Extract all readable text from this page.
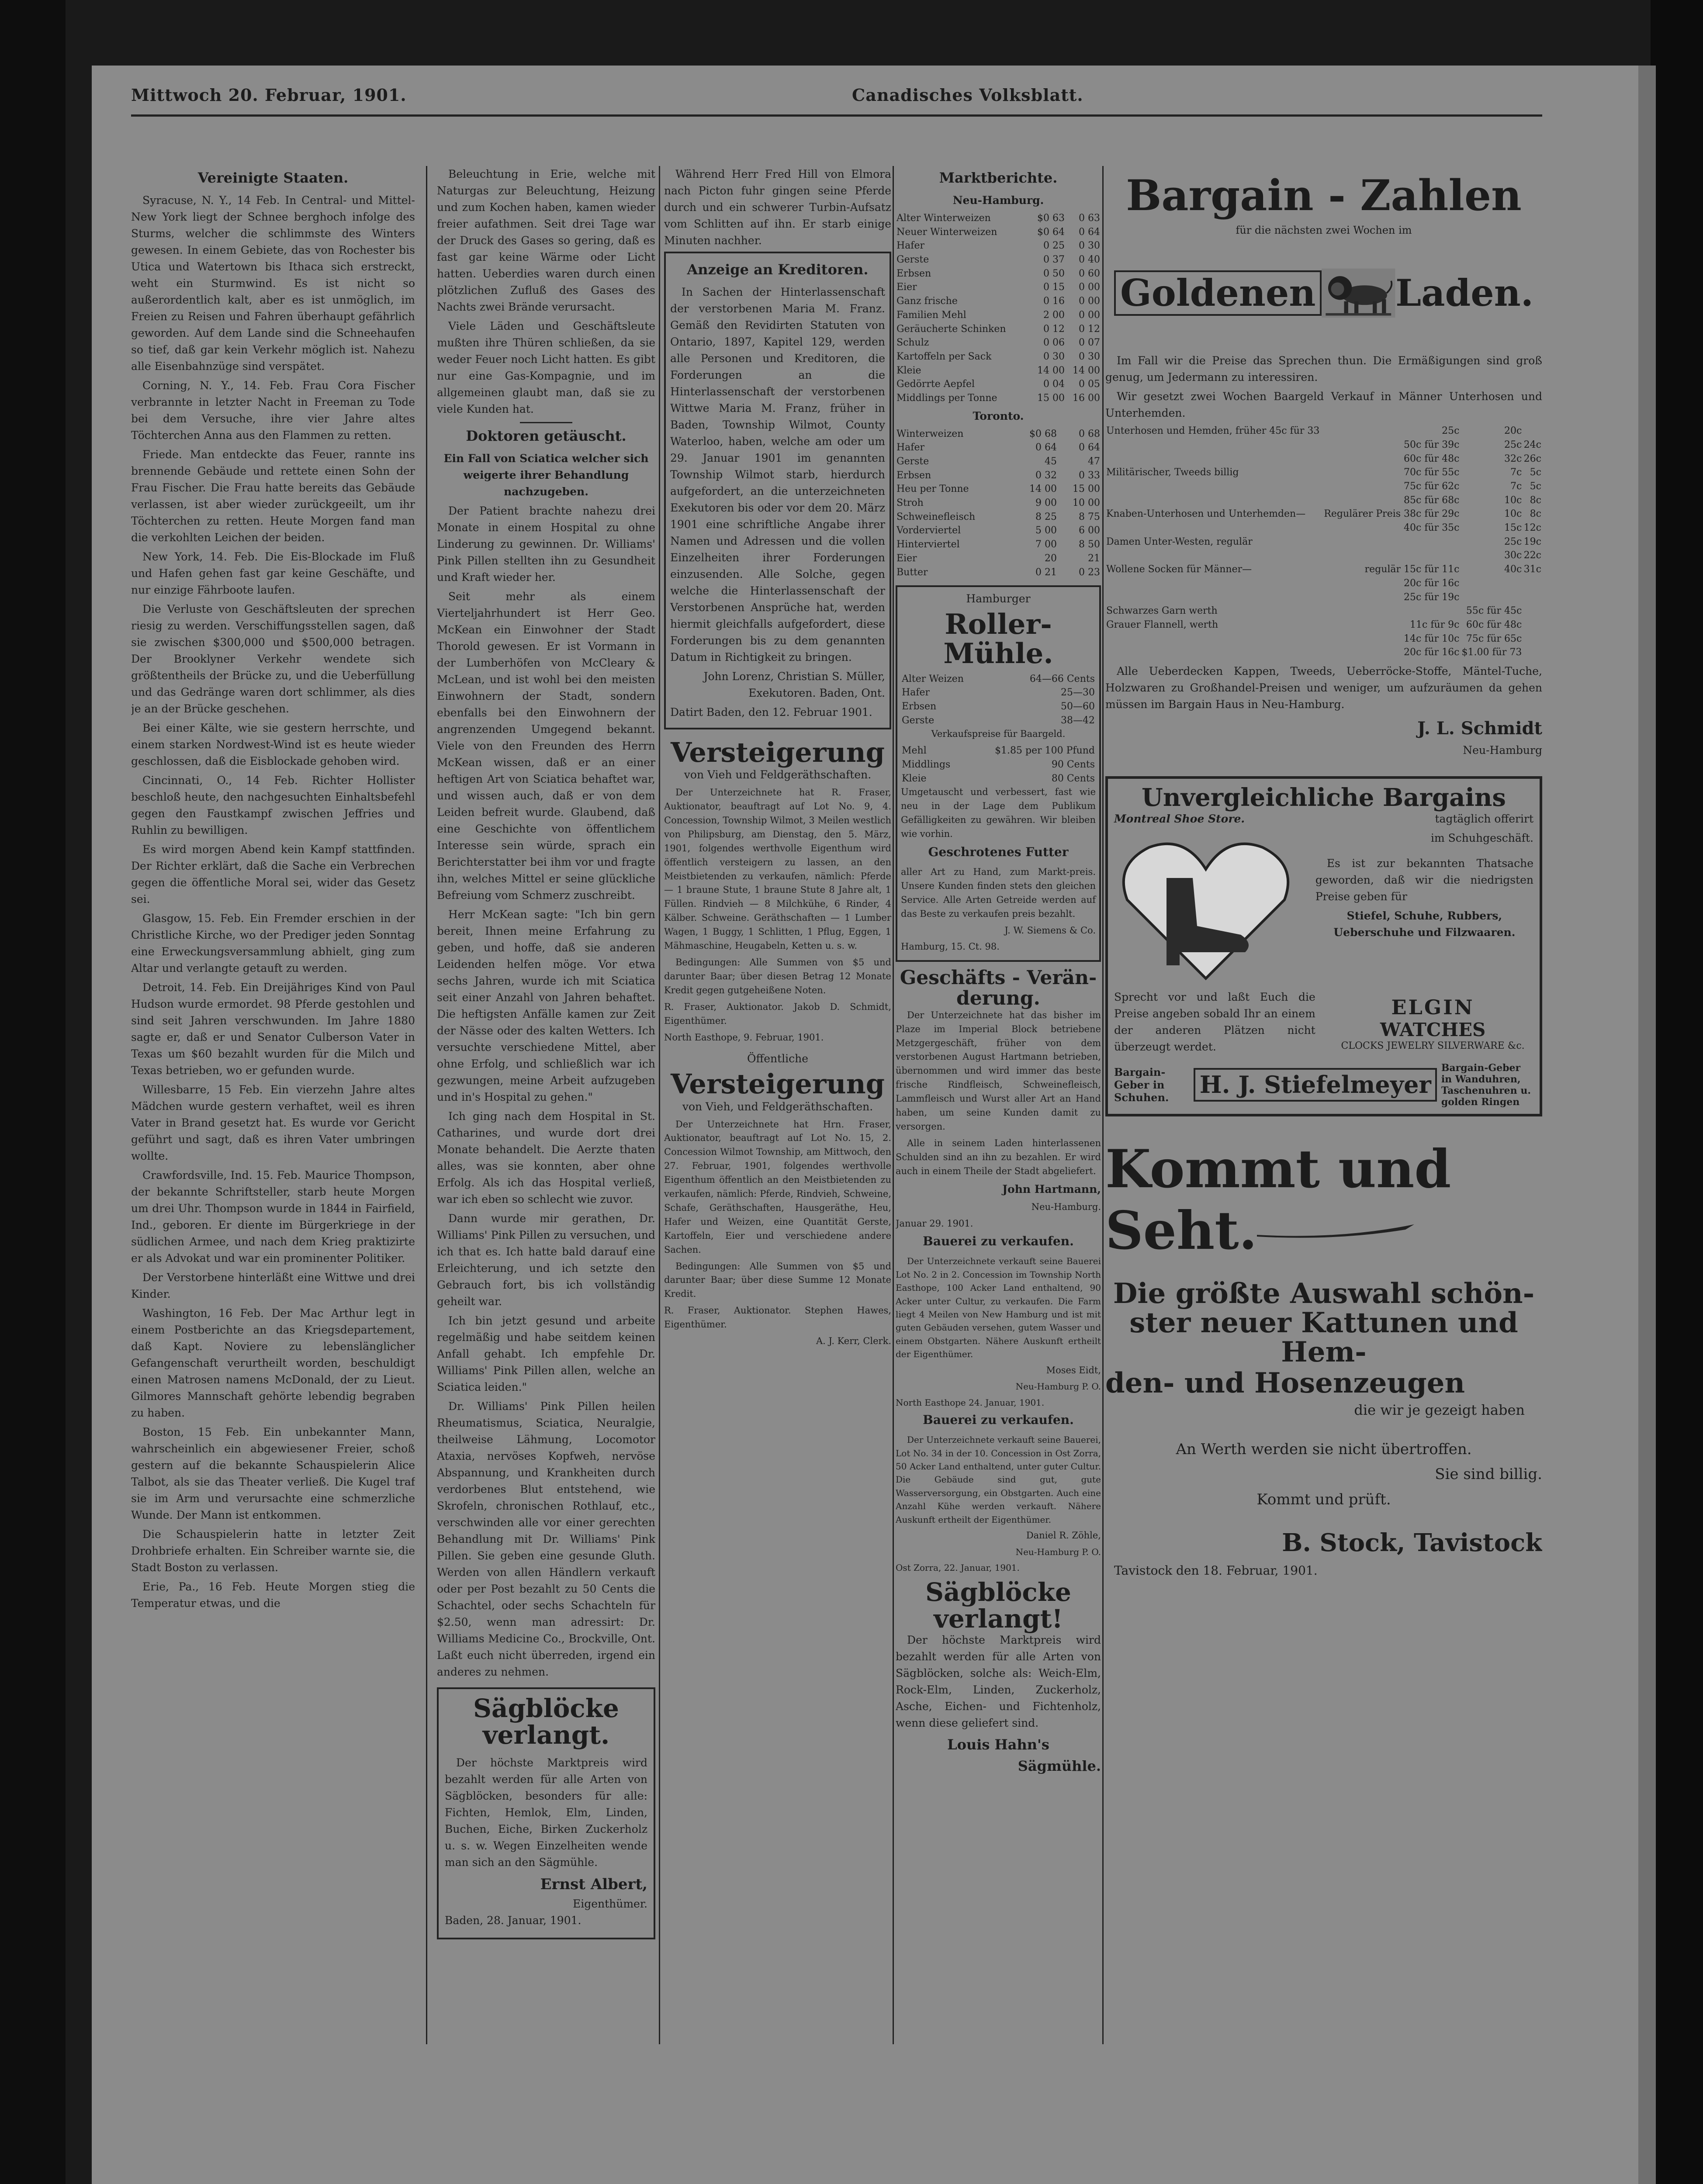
Mittwoch 20. Februar, 1901.	Canadisches Volksblatt.
Vereinigte Staaten.

Syracuse, N. Y., 14 Feb. In Central- und Mittel-New York liegt der Schnee berghoch infolge des Sturms, welcher die schlimmste des Winters gewesen. In einem Gebiete, das von Rochester bis Utica und Watertown bis Ithaca sich erstreckt, weht ein Sturmwind. Es ist nicht so außerordentlich kalt, aber es ist unmöglich, im Freien zu Reisen und Fahren überhaupt gefährlich geworden. Auf dem Lande sind die Schneehaufen so tief, daß gar kein Verkehr möglich ist. Nahezu alle Eisenbahnzüge sind verspätet.

Corning, N. Y., 14. Feb. Frau Cora Fischer verbrannte in letzter Nacht in Freeman zu Tode bei dem Versuche, ihre vier Jahre altes Töchterchen Anna aus den Flammen zu retten.

Friede. Man entdeckte das Feuer, rannte ins brennende Gebäude und rettete einen Sohn der Frau Fischer. Die Frau hatte bereits das Gebäude verlassen, ist aber wieder zurückgeeilt, um ihr Töchterchen zu retten. Heute Morgen fand man die verkohlten Leichen der beiden.

New York, 14. Feb. Die Eis-Blockade im Fluß und Hafen gehen fast gar keine Geschäfte, und nur einzige Fährboote laufen.

Die Verluste von Geschäftsleuten der sprechen riesig zu werden. Verschiffungsstellen sagen, daß sie zwischen $300,000 und $500,000 betragen. Der Brooklyner Verkehr wendete sich größtentheils der Brücke zu, und die Ueberfüllung und das Gedränge waren dort schlimmer, als dies je an der Brücke geschehen.

Bei einer Kälte, wie sie gestern herrschte, und einem starken Nordwest-Wind ist es heute wieder geschlossen, daß die Eisblockade gehoben wird.

Cincinnati, O., 14 Feb. Richter Hollister beschloß heute, den nachgesuchten Einhaltsbefehl gegen den Faustkampf zwischen Jeffries und Ruhlin zu bewilligen.

Es wird morgen Abend kein Kampf stattfinden. Der Richter erklärt, daß die Sache ein Verbrechen gegen die öffentliche Moral sei, wider das Gesetz sei.

Glasgow, 15. Feb. Ein Fremder erschien in der Christliche Kirche, wo der Prediger jeden Sonntag eine Erweckungsversammlung abhielt, ging zum Altar und verlangte getauft zu werden.

Detroit, 14. Feb. Ein Dreijähriges Kind von Paul Hudson wurde ermordet. 98 Pferde gestohlen und sind seit Jahren verschwunden. Im Jahre 1880 sagte er, daß er und Senator Culberson Vater in Texas um $60 bezahlt wurden für die Milch und Texas betrieben, wo er gefunden wurde.

Willesbarre, 15 Feb. Ein vierzehn Jahre altes Mädchen wurde gestern verhaftet, weil es ihren Vater in Brand gesetzt hat. Es wurde vor Gericht geführt und sagt, daß es ihren Vater umbringen wollte.

Crawfordsville, Ind. 15. Feb. Maurice Thompson, der bekannte Schriftsteller, starb heute Morgen um drei Uhr. Thompson wurde in 1844 in Fairfield, Ind., geboren. Er diente im Bürgerkriege in der südlichen Armee, und nach dem Krieg praktizirte er als Advokat und war ein prominenter Politiker.

Der Verstorbene hinterläßt eine Wittwe und drei Kinder.

Washington, 16 Feb. Der Mac Arthur legt in einem Postberichte an das Kriegsdepartement, daß Kapt. Noviere zu lebenslänglicher Gefangenschaft verurtheilt worden, beschuldigt einen Matrosen namens McDonald, der zu Lieut. Gilmores Mannschaft gehörte lebendig begraben zu haben.

Boston, 15 Feb. Ein unbekannter Mann, wahrscheinlich ein abgewiesener Freier, schoß gestern auf die bekannte Schauspielerin Alice Talbot, als sie das Theater verließ. Die Kugel traf sie im Arm und verursachte eine schmerzliche Wunde. Der Mann ist entkommen.

Die Schauspielerin hatte in letzter Zeit Drohbriefe erhalten. Ein Schreiber warnte sie, die Stadt Boston zu verlassen.

Erie, Pa., 16 Feb. Heute Morgen stieg die Temperatur etwas, und die

Beleuchtung in Erie, welche mit Naturgas zur Beleuchtung, Heizung und zum Kochen haben, kamen wieder freier aufathmen. Seit drei Tage war der Druck des Gases so gering, daß es fast gar keine Wärme oder Licht hatten. Ueberdies waren durch einen plötzlichen Zufluß des Gases des Nachts zwei Brände verursacht.

Viele Läden und Geschäftsleute mußten ihre Thüren schließen, da sie weder Feuer noch Licht hatten. Es gibt nur eine Gas-Kompagnie, und im allgemeinen glaubt man, daß sie zu viele Kunden hat.

Doktoren getäuscht.

Ein Fall von Sciatica welcher sich weigerte ihrer Behandlung nachzugeben.

Der Patient brachte nahezu drei Monate in einem Hospital zu ohne Linderung zu gewinnen. Dr. Williams' Pink Pillen stellten ihn zu Gesundheit und Kraft wieder her.

Seit mehr als einem Vierteljahrhundert ist Herr Geo. McKean ein Einwohner der Stadt Thorold gewesen. Er ist Vormann in der Lumberhöfen von McCleary & McLean, und ist wohl bei den meisten Einwohnern der Stadt, sondern ebenfalls bei den Einwohnern der angrenzenden Umgegend bekannt. Viele von den Freunden des Herrn McKean wissen, daß er an einer heftigen Art von Sciatica behaftet war, und wissen auch, daß er von dem Leiden befreit wurde. Glaubend, daß eine Geschichte von öffentlichem Interesse sein würde, sprach ein Berichterstatter bei ihm vor und fragte ihn, welches Mittel er seine glückliche Befreiung vom Schmerz zuschreibt.

Herr McKean sagte: "Ich bin gern bereit, Ihnen meine Erfahrung zu geben, und hoffe, daß sie anderen Leidenden helfen möge. Vor etwa sechs Jahren, wurde ich mit Sciatica seit einer Anzahl von Jahren behaftet. Die heftigsten Anfälle kamen zur Zeit der Nässe oder des kalten Wetters. Ich versuchte verschiedene Mittel, aber ohne Erfolg, und schließlich war ich gezwungen, meine Arbeit aufzugeben und in's Hospital zu gehen."

Ich ging nach dem Hospital in St. Catharines, und wurde dort drei Monate behandelt. Die Aerzte thaten alles, was sie konnten, aber ohne Erfolg. Als ich das Hospital verließ, war ich eben so schlecht wie zuvor.

Dann wurde mir gerathen, Dr. Williams' Pink Pillen zu versuchen, und ich that es. Ich hatte bald darauf eine Erleichterung, und ich setzte den Gebrauch fort, bis ich vollständig geheilt war.

Ich bin jetzt gesund und arbeite regelmäßig und habe seitdem keinen Anfall gehabt. Ich empfehle Dr. Williams' Pink Pillen allen, welche an Sciatica leiden."

Dr. Williams' Pink Pillen heilen Rheumatismus, Sciatica, Neuralgie, theilweise Lähmung, Locomotor Ataxia, nervöses Kopfweh, nervöse Abspannung, und Krankheiten durch verdorbenes Blut entstehend, wie Skrofeln, chronischen Rothlauf, etc., verschwinden alle vor einer gerechten Behandlung mit Dr. Williams' Pink Pillen. Sie geben eine gesunde Gluth. Werden von allen Händlern verkauft oder per Post bezahlt zu 50 Cents die Schachtel, oder sechs Schachteln für $2.50, wenn man adressirt: Dr. Williams Medicine Co., Brockville, Ont. Laßt euch nicht überreden, irgend ein anderes zu nehmen.

Sägblöcke
verlangt.

Der höchste Marktpreis wird bezahlt werden für alle Arten von Sägblöcken, besonders für alle: Fichten, Hemlok, Elm, Linden, Buchen, Eiche, Birken Zuckerholz u. s. w. Wegen Einzelheiten wende man sich an den Sägmühle.

Ernst Albert,
Eigenthümer.

Baden, 28. Januar, 1901.

Während Herr Fred Hill von Elmora nach Picton fuhr gingen seine Pferde durch und ein schwerer Turbin-Aufsatz vom Schlitten auf ihn. Er starb einige Minuten nachher.

Anzeige an Kreditoren.

In Sachen der Hinterlassenschaft der verstorbenen Maria M. Franz. Gemäß den Revidirten Statuten von Ontario, 1897, Kapitel 129, werden alle Personen und Kreditoren, die Forderungen an die Hinterlassenschaft der verstorbenen Wittwe Maria M. Franz, früher in Baden, Township Wilmot, County Waterloo, haben, welche am oder um 29. Januar 1901 im genannten Township Wilmot starb, hierdurch aufgefordert, an die unterzeichneten Exekutoren bis oder vor dem 20. März 1901 eine schriftliche Angabe ihrer Namen und Adressen und die vollen Einzelheiten ihrer Forderungen einzusenden. Alle Solche, gegen welche die Hinterlassenschaft der Verstorbenen Ansprüche hat, werden hiermit gleichfalls aufgefordert, diese Forderungen bis zu dem genannten Datum in Richtigkeit zu bringen.

John Lorenz, Christian S. Müller, Exekutoren. Baden, Ont.

Datirt Baden, den 12. Februar 1901.

Versteigerung

von Vieh und Feldgeräthschaften.

Der Unterzeichnete hat R. Fraser, Auktionator, beauftragt auf Lot No. 9, 4. Concession, Township Wilmot, 3 Meilen westlich von Philipsburg, am Dienstag, den 5. März, 1901, folgendes werthvolle Eigenthum wird öffentlich versteigern zu lassen, an den Meistbietenden zu verkaufen, nämlich: Pferde — 1 braune Stute, 1 braune Stute 8 Jahre alt, 1 Füllen. Rindvieh — 8 Milchkühe, 6 Rinder, 4 Kälber. Schweine. Geräthschaften — 1 Lumber Wagen, 1 Buggy, 1 Schlitten, 1 Pflug, Eggen, 1 Mähmaschine, Heugabeln, Ketten u. s. w.

Bedingungen: Alle Summen von $5 und darunter Baar; über diesen Betrag 12 Monate Kredit gegen gutgeheißene Noten.

R. Fraser, Auktionator. Jakob D. Schmidt, Eigenthümer.

North Easthope, 9. Februar, 1901.

Öffentliche

Versteigerung

von Vieh, und Feldgeräthschaften.

Der Unterzeichnete hat Hrn. Fraser, Auktionator, beauftragt auf Lot No. 15, 2. Concession Wilmot Township, am Mittwoch, den 27. Februar, 1901, folgendes werthvolle Eigenthum öffentlich an den Meistbietenden zu verkaufen, nämlich: Pferde, Rindvieh, Schweine, Schafe, Geräthschaften, Hausgeräthe, Heu, Hafer und Weizen, eine Quantität Gerste, Kartoffeln, Eier und verschiedene andere Sachen.

Bedingungen: Alle Summen von $5 und darunter Baar; über diese Summe 12 Monate Kredit.

R. Fraser, Auktionator. Stephen Hawes, Eigenthümer.

A. J. Kerr, Clerk.

Marktberichte.

Neu-Hamburg.

Alter Winterweizen	$0 63	0 63
Neuer Winterweizen	$0 64	0 64
Hafer	0 25	0 30
Gerste	0 37	0 40
Erbsen	0 50	0 60
Eier	0 15	0 00
Ganz frische	0 16	0 00
Familien Mehl	2 00	0 00
Geräucherte Schinken	0 12	0 12
Schulz	0 06	0 07
Kartoffeln per Sack	0 30	0 30
Kleie	14 00	14 00
Gedörrte Aepfel	0 04	0 05
Middlings per Tonne	15 00	16 00

Toronto.

Winterweizen	$0 68	0 68
Hafer	0 64	0 64
Gerste	45	47
Erbsen	0 32	0 33
Heu per Tonne	14 00	15 00
Stroh	9 00	10 00
Schweinefleisch	8 25	8 75
Vorderviertel	5 00	6 00
Hinterviertel	7 00	8 50
Eier	20	21
Butter	0 21	0 23

Hamburger

Roller-
Mühle.
Alter Weizen	64—66 Cents
Hafer	25—30
Erbsen	50—60
Gerste	38—42

Verkaufspreise für Baargeld.

Mehl	$1.85 per 100 Pfund
Middlings	90 Cents
Kleie	80 Cents

Umgetauscht und verbessert, fast wie neu in der Lage dem Publikum Gefälligkeiten zu gewähren. Wir bleiben wie vorhin.

Geschrotenes Futter

aller Art zu Hand, zum Markt-preis. Unsere Kunden finden stets den gleichen Service. Alle Arten Getreide werden auf das Beste zu verkaufen preis bezahlt.

J. W. Siemens & Co.

Hamburg, 15. Ct. 98.

Geschäfts - Verän-
derung.

Der Unterzeichnete hat das bisher im Plaze im Imperial Block betriebene Metzgergeschäft, früher von dem verstorbenen August Hartmann betrieben, übernommen und wird immer das beste frische Rindfleisch, Schweinefleisch, Lammfleisch und Wurst aller Art an Hand haben, um seine Kunden damit zu versorgen.

Alle in seinem Laden hinterlassenen Schulden sind an ihn zu bezahlen. Er wird auch in einem Theile der Stadt abgeliefert.

John Hartmann,

Neu-Hamburg.

Januar 29. 1901.

Bauerei zu verkaufen.

Der Unterzeichnete verkauft seine Bauerei Lot No. 2 in 2. Concession im Township North Easthope, 100 Acker Land enthaltend, 90 Acker unter Cultur, zu verkaufen. Die Farm liegt 4 Meilen von New Hamburg und ist mit guten Gebäuden versehen, gutem Wasser und einem Obstgarten. Nähere Auskunft ertheilt der Eigenthümer.

Moses Eidt,

Neu-Hamburg P. O.

North Easthope 24. Januar, 1901.

Bauerei zu verkaufen.

Der Unterzeichnete verkauft seine Bauerei, Lot No. 34 in der 10. Concession in Ost Zorra, 50 Acker Land enthaltend, unter guter Cultur. Die Gebäude sind gut, gute Wasserversorgung, ein Obstgarten. Auch eine Anzahl Kühe werden verkauft. Nähere Auskunft ertheilt der Eigenthümer.

Daniel R. Zöhle,

Neu-Hamburg P. O.

Ost Zorra, 22. Januar, 1901.

Sägblöcke
verlangt!

Der höchste Marktpreis wird bezahlt werden für alle Arten von Sägblöcken, solche als: Weich-Elm, Rock-Elm, Linden, Zuckerholz, Asche, Eichen- und Fichtenholz, wenn diese geliefert sind.

Louis Hahn's
Sägmühle.
Bargain - Zahlen

für die nächsten zwei Wochen im

Goldenen Laden.

Im Fall wir die Preise das Sprechen thun. Die Ermäßigungen sind groß genug, um Jedermann zu interessiren.

Wir gesetzt zwei Wochen Baargeld Verkauf in Männer Unterhosen und Unterhemden.

Unterhosen und Hemden, früher 45c für 33	25c	20c	
	50c für 39c	25c	24c
	60c für 48c	32c	26c
Militärischer, Tweeds billig	70c für 55c	7c	5c
	75c für 62c	7c	5c
	85c für 68c	10c	8c
Knaben-Unterhosen und Unterhemden—	Regulärer Preis 38c für 29c	10c	8c
	40c für 35c	15c	12c
Damen Unter-Westen, regulär		25c	19c
		30c	22c
Wollene Socken für Männer—	regulär 15c für 11c	40c	31c
	20c für 16c		
	25c für 19c		
Schwarzes Garn werth		55c für 45c	
Grauer Flannell, werth	11c für 9c	60c für 48c	
	14c für 10c	75c für 65c	
	20c für 16c	$1.00 für 73	

Alle Ueberdecken Kappen, Tweeds, Ueberröcke-Stoffe, Mäntel-Tuche, Holzwaren zu Großhandel-Preisen und weniger, um aufzuräumen da gehen müssen im Bargain Haus in Neu-Hamburg.

J. L. Schmidt
Neu-Hamburg
Unvergleichliche Bargains

Montreal Shoe Store.	tagtäglich offerirt

im Schuhgeschäft.

Es ist zur bekannten Thatsache geworden, daß wir die niedrigsten Preise geben für

Stiefel, Schuhe, Rubbers, Ueberschuhe und Filzwaaren.

Sprecht vor und laßt Euch die Preise angeben sobald Ihr an einem der anderen Plätzen nicht überzeugt werdet.

ELGIN
WATCHES
CLOCKS JEWELRY SILVERWARE &c.
Bargain-Geber in Schuhen.	H. J. Stiefelmeyer
Bargain-Geber in Wanduhren, Taschenuhren u. golden Ringen
Kommt und
Seht.
Die größte Auswahl schön-
ster neuer Kattunen und Hem-
den- und Hosenzeugen

die wir je gezeigt haben

An Werth werden sie nicht übertroffen.

Sie sind billig.

Kommt und prüft.

B. Stock, Tavistock

Tavistock den 18. Februar, 1901.
